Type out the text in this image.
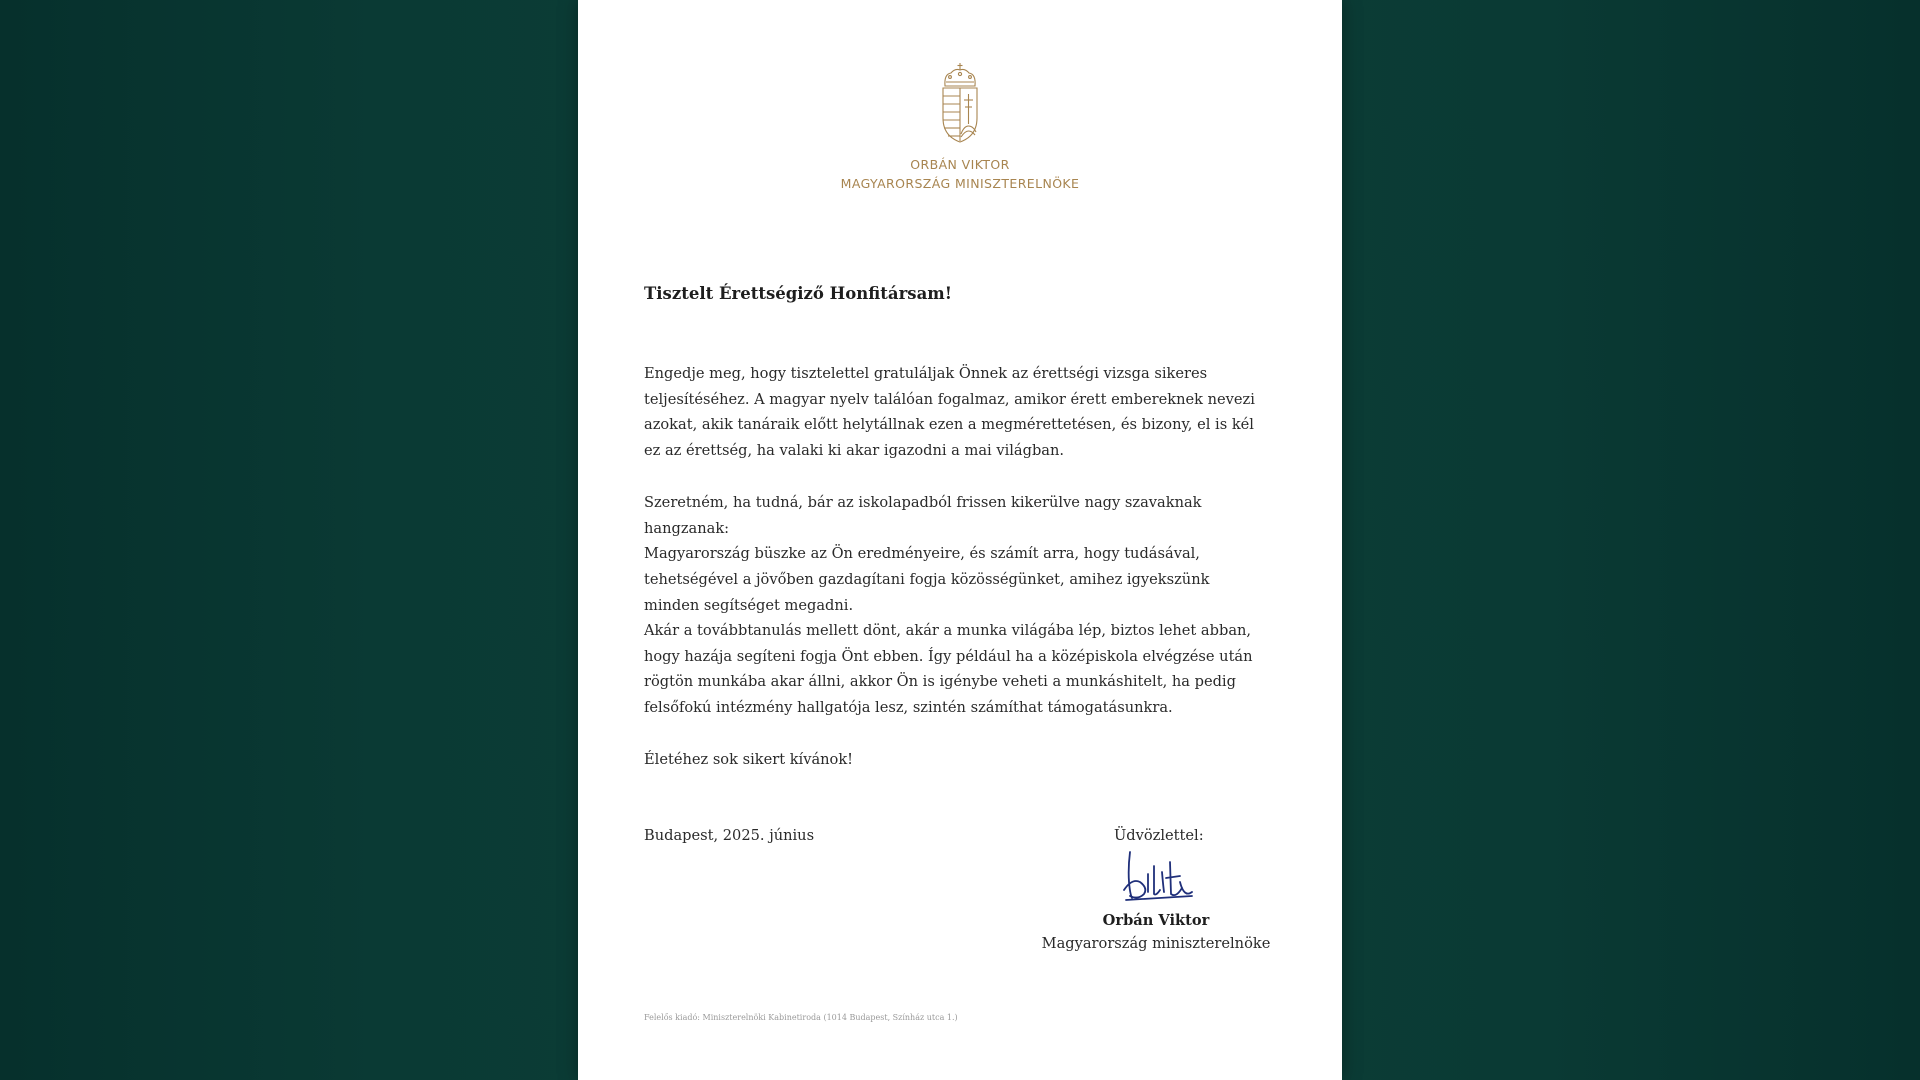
ORBÁN VIKTOR
MAGYARORSZÁG MINISZTERELNÖKE
Tisztelt Érettségiző Honfitársam!
Engedje meg, hogy tisztelettel gratuláljak Önnek az érettségi vizsga sikeres
teljesítéséhez. A magyar nyelv találóan fogalmaz, amikor érett embereknek nevezi
azokat, akik tanáraik előtt helytállnak ezen a megmérettetésen, és bizony, el is kél
ez az érettség, ha valaki ki akar igazodni a mai világban.
Szeretném, ha tudná, bár az iskolapadból frissen kikerülve nagy szavaknak hangzanak:
Magyarország büszke az Ön eredményeire, és számít arra, hogy tudásával,
tehetségével a jövőben gazdagítani fogja közösségünket, amihez igyekszünk
minden segítséget megadni.
Akár a továbbtanulás mellett dönt, akár a munka világába lép, biztos lehet abban,
hogy hazája segíteni fogja Önt ebben. Így például ha a középiskola elvégzése után
rögtön munkába akar állni, akkor Ön is igénybe veheti a munkáshitelt, ha pedig
felsőfokú intézmény hallgatója lesz, szintén számíthat támogatásunkra.
Életéhez sok sikert kívánok!
Budapest, 2025. június	Üdvözlettel:
Orbán Viktor
Magyarország miniszterelnöke
Felelős kiadó: Miniszterelnöki Kabinetiroda (1014 Budapest, Színház utca 1.)
